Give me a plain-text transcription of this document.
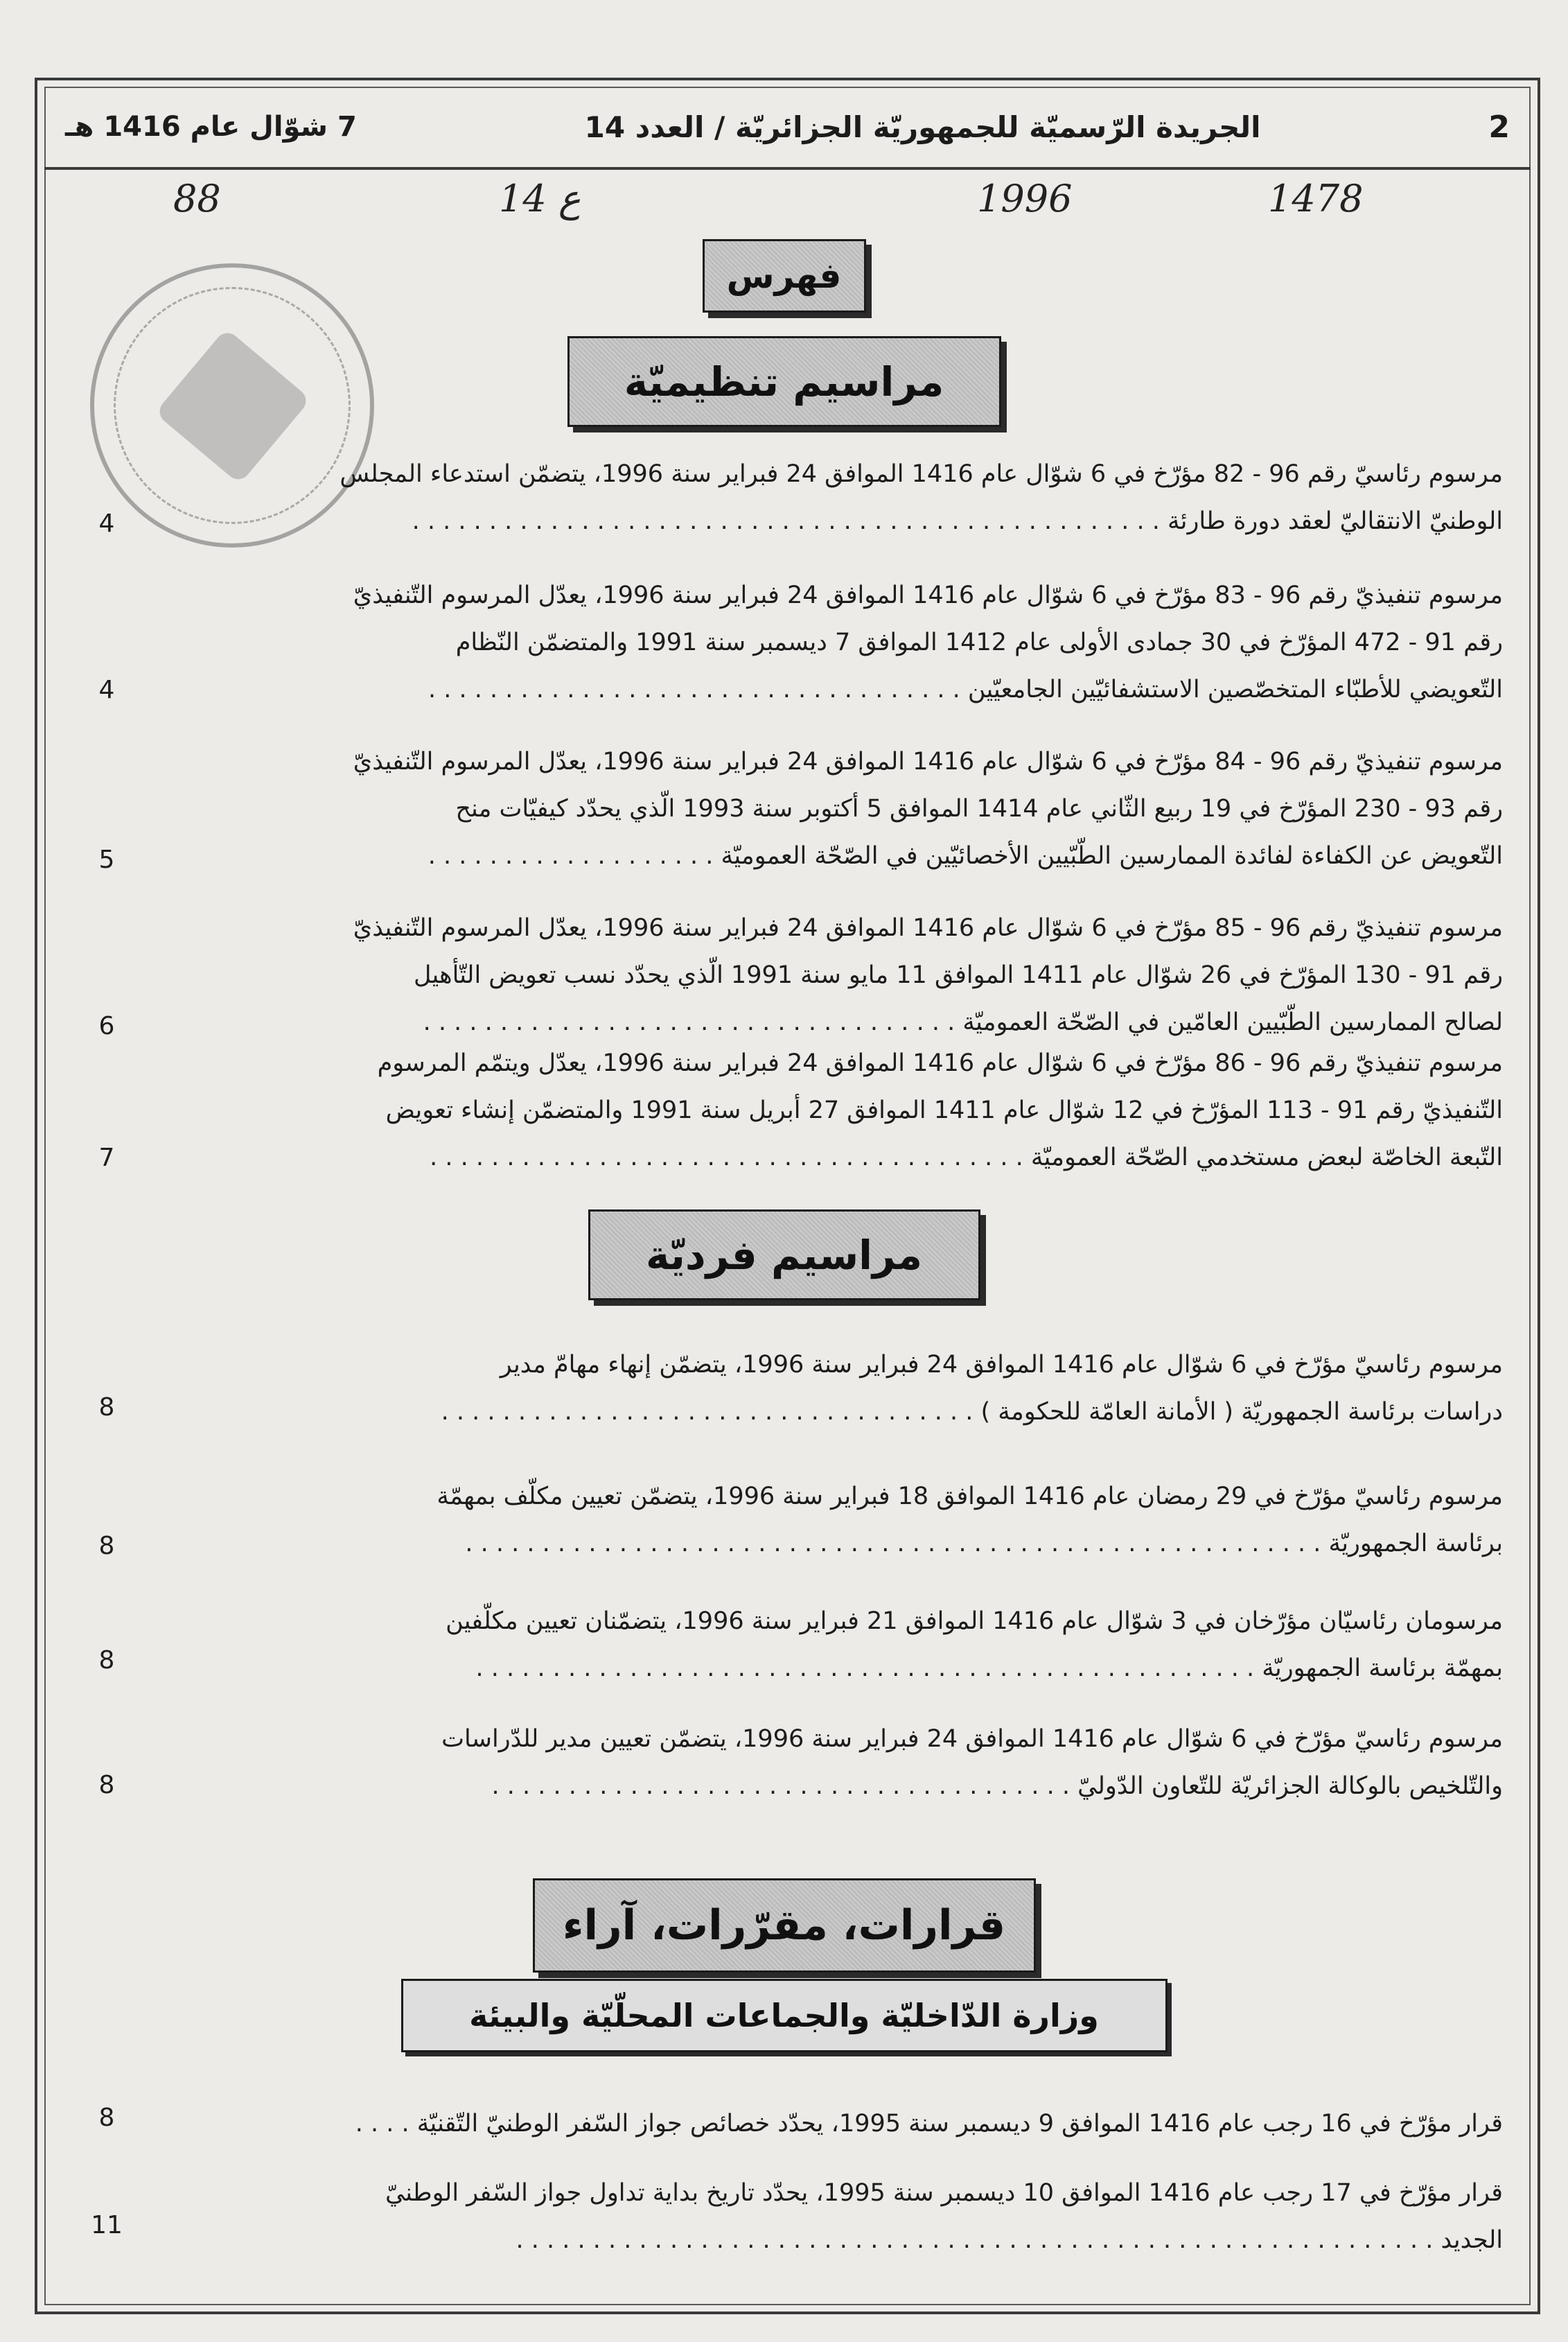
7 شوّال عام 1416 هـ	الجريدة الرّسميّة للجمهوريّة الجزائريّة / العدد 14	2
88	14 ع	1996	1478
فهرس
مراسيم تنظيميّة
مرسوم رئاسيّ رقم 96 - 82 مؤرّخ في 6 شوّال عام 1416 الموافق 24 فبراير سنة 1996، يتضمّن استدعاء المجلس
الوطنيّ الانتقاليّ لعقد دورة طارئة . . . . . . . . . . . . . . . . . . . . . . . . . . . . . . . . . . . . . . . . . . . . . . . . .
4
مرسوم تنفيذيّ رقم 96 - 83 مؤرّخ في 6 شوّال عام 1416 الموافق 24 فبراير سنة 1996، يعدّل المرسوم التّنفيذيّ
رقم 91 - 472 المؤرّخ في 30 جمادى الأولى عام 1412 الموافق 7 ديسمبر سنة 1991 والمتضمّن النّظام
التّعويضي للأطبّاء المتخصّصين الاستشفائيّين الجامعيّين . . . . . . . . . . . . . . . . . . . . . . . . . . . . . . . . . . .
4
مرسوم تنفيذيّ رقم 96 - 84 مؤرّخ في 6 شوّال عام 1416 الموافق 24 فبراير سنة 1996، يعدّل المرسوم التّنفيذيّ
رقم 93 - 230 المؤرّخ في 19 ربيع الثّاني عام 1414 الموافق 5 أكتوبر سنة 1993 الّذي يحدّد كيفيّات منح
التّعويض عن الكفاءة لفائدة الممارسين الطّبّيين الأخصائيّين في الصّحّة العموميّة . . . . . . . . . . . . . . . . . . .
5
مرسوم تنفيذيّ رقم 96 - 85 مؤرّخ في 6 شوّال عام 1416 الموافق 24 فبراير سنة 1996، يعدّل المرسوم التّنفيذيّ
رقم 91 - 130 المؤرّخ في 26 شوّال عام 1411 الموافق 11 مايو سنة 1991 الّذي يحدّد نسب تعويض التّأهيل
لصالح الممارسين الطّبّيين العامّين في الصّحّة العموميّة . . . . . . . . . . . . . . . . . . . . . . . . . . . . . . . . . . .
6
مرسوم تنفيذيّ رقم 96 - 86 مؤرّخ في 6 شوّال عام 1416 الموافق 24 فبراير سنة 1996، يعدّل ويتمّم المرسوم
التّنفيذيّ رقم 91 - 113 المؤرّخ في 12 شوّال عام 1411 الموافق 27 أبريل سنة 1991 والمتضمّن إنشاء تعويض
التّبعة الخاصّة لبعض مستخدمي الصّحّة العموميّة . . . . . . . . . . . . . . . . . . . . . . . . . . . . . . . . . . . . . . .
7
مراسيم فرديّة
مرسوم رئاسيّ مؤرّخ في 6 شوّال عام 1416 الموافق 24 فبراير سنة 1996، يتضمّن إنهاء مهامّ مدير
دراسات برئاسة الجمهوريّة ( الأمانة العامّة للحكومة ) . . . . . . . . . . . . . . . . . . . . . . . . . . . . . . . . . . .
8
مرسوم رئاسيّ مؤرّخ في 29 رمضان عام 1416 الموافق 18 فبراير سنة 1996، يتضمّن تعيين مكلّف بمهمّة
برئاسة الجمهوريّة . . . . . . . . . . . . . . . . . . . . . . . . . . . . . . . . . . . . . . . . . . . . . . . . . . . . . . . .
8
مرسومان رئاسيّان مؤرّخان في 3 شوّال عام 1416 الموافق 21 فبراير سنة 1996، يتضمّنان تعيين مكلّفين
بمهمّة برئاسة الجمهوريّة . . . . . . . . . . . . . . . . . . . . . . . . . . . . . . . . . . . . . . . . . . . . . . . . . . .
8
مرسوم رئاسيّ مؤرّخ في 6 شوّال عام 1416 الموافق 24 فبراير سنة 1996، يتضمّن تعيين مدير للدّراسات
والتّلخيص بالوكالة الجزائريّة للتّعاون الدّوليّ . . . . . . . . . . . . . . . . . . . . . . . . . . . . . . . . . . . . . .
8
قرارات، مقرّرات، آراء
وزارة الدّاخليّة والجماعات المحلّيّة والبيئة
قرار مؤرّخ في 16 رجب عام 1416 الموافق 9 ديسمبر سنة 1995، يحدّد خصائص جواز السّفر الوطنيّ التّقنيّة . . . .
8
قرار مؤرّخ في 17 رجب عام 1416 الموافق 10 ديسمبر سنة 1995، يحدّد تاريخ بداية تداول جواز السّفر الوطنيّ
الجديد . . . . . . . . . . . . . . . . . . . . . . . . . . . . . . . . . . . . . . . . . . . . . . . . . . . . . . . . . . . .
11
